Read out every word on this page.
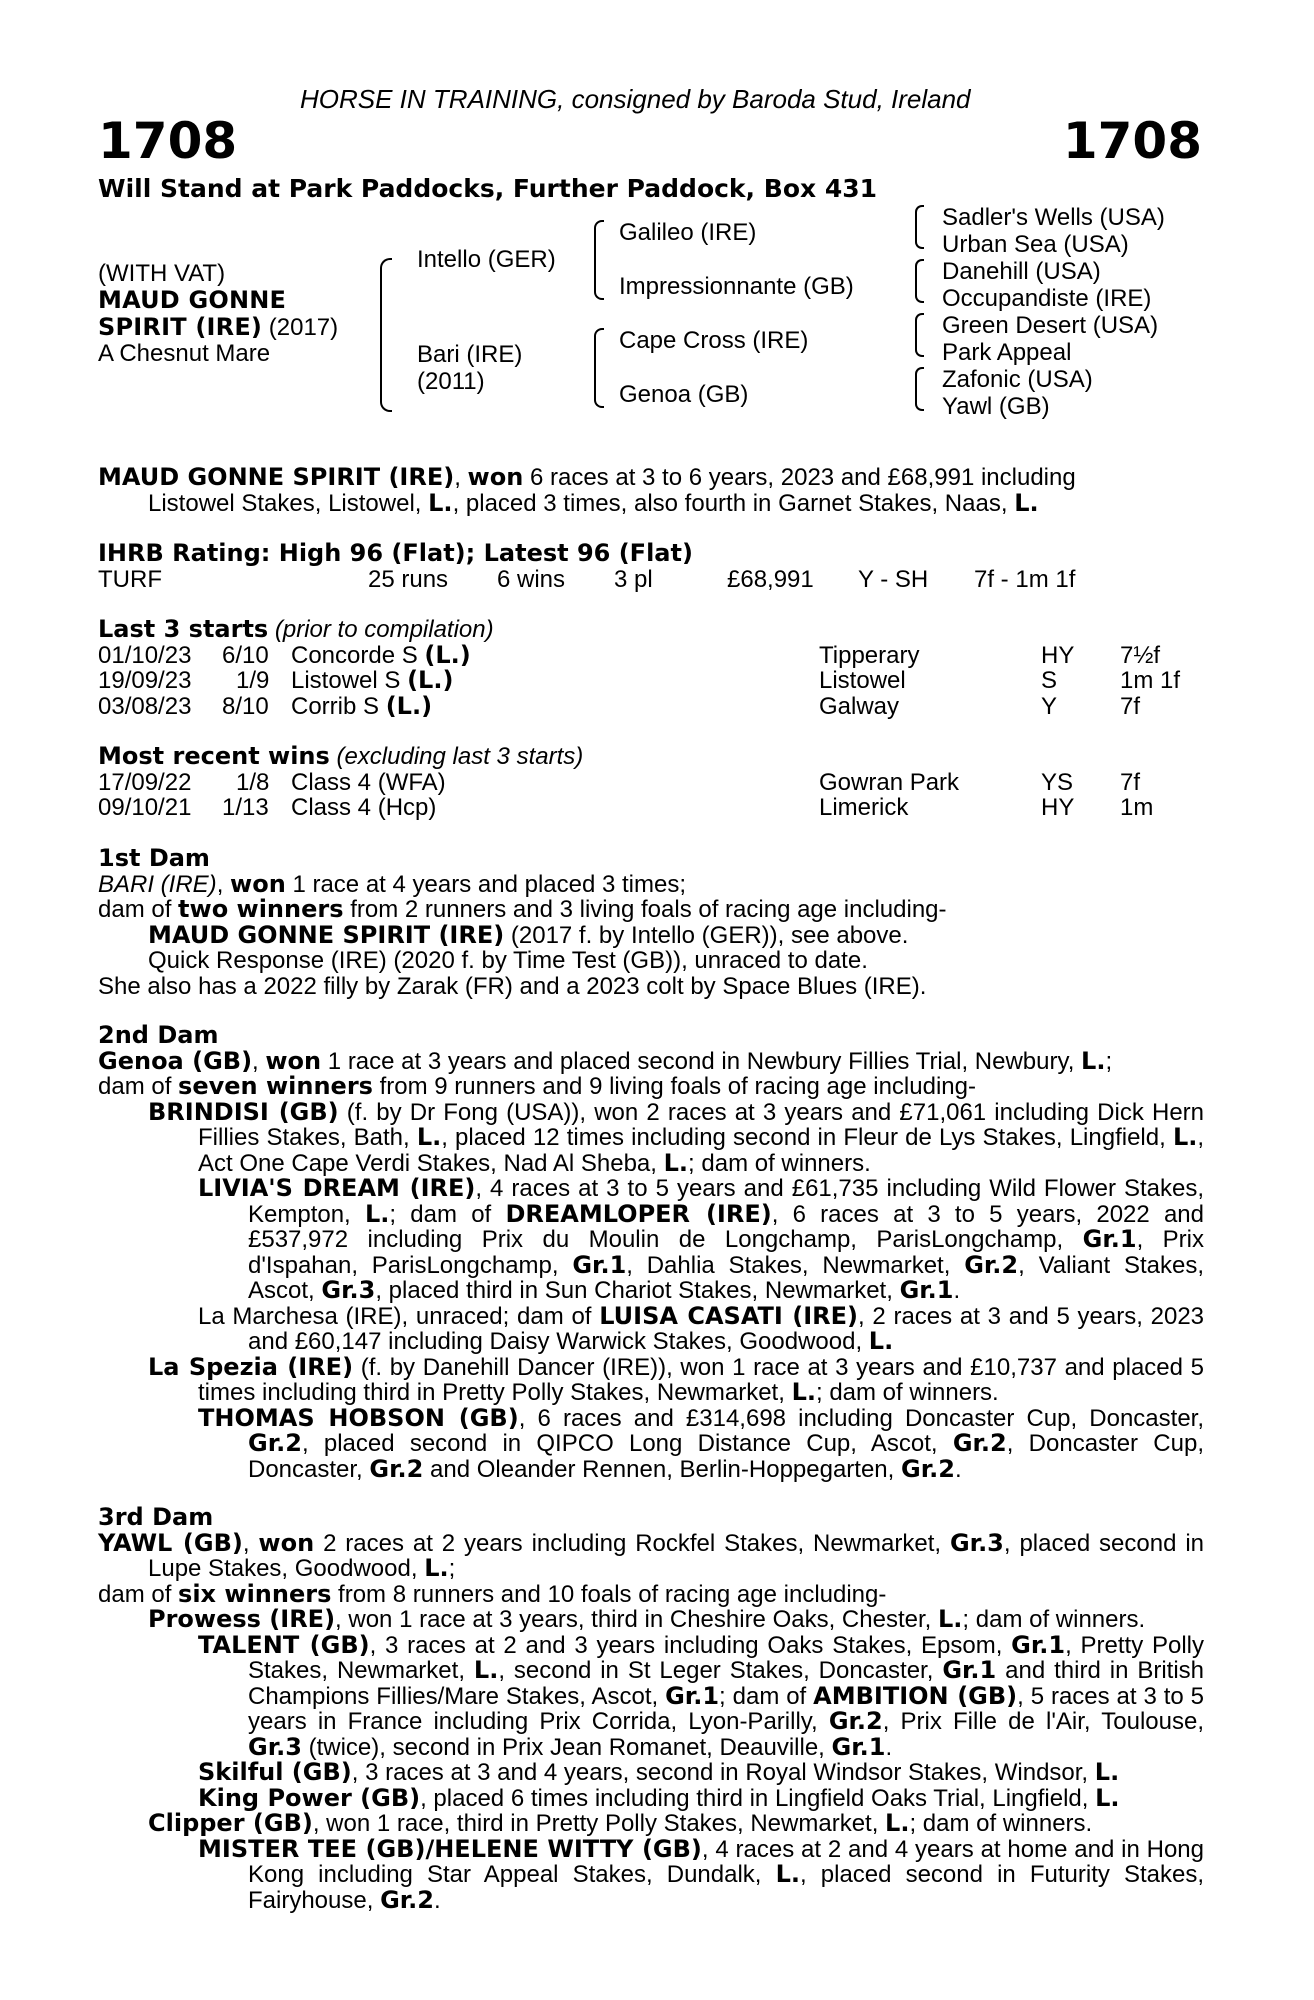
HORSE IN TRAINING, consigned by Baroda Stud, Ireland
1708	1708
Will Stand at Park Paddocks, Further Paddock, Box 431
(WITH VAT)
MAUD GONNE
SPIRIT (IRE) (2017)
A Chesnut Mare
Intello (GER)
Bari (IRE)
(2011)
Galileo (IRE)
Impressionnante (GB)
Cape Cross (IRE)
Genoa (GB)
Sadler's Wells (USA)
Urban Sea (USA)
Danehill (USA)
Occupandiste (IRE)
Green Desert (USA)
Park Appeal
Zafonic (USA)
Yawl (GB)

MAUD GONNE SPIRIT (IRE), won 6 races at 3 to 6 years, 2023 and £68,991 including

Listowel Stakes, Listowel, L., placed 3 times, also fourth in Garnet Stakes, Naas, L.

IHRB Rating: High 96 (Flat); Latest 96 (Flat)

TURF	25 runs 6 wins 3 pl	£68,991 Y - SH 7f - 1m 1f

Last 3 starts (prior to compilation)

01/10/23 6/10 Concorde S (L.)	Tipperary	HY 7½f
19/09/23 1/9 Listowel S (L.)	Listowel	S	1m 1f
03/08/23 8/10 Corrib S (L.)	Galway	Y	7f

Most recent wins (excluding last 3 starts)

17/09/22 1/8 Class 4 (WFA)	Gowran Park	YS 7f
09/10/21 1/13 Class 4 (Hcp)	Limerick	HY 1m

1st Dam

BARI (IRE), won 1 race at 4 years and placed 3 times;

dam of two winners from 2 runners and 3 living foals of racing age including-

MAUD GONNE SPIRIT (IRE) (2017 f. by Intello (GER)), see above.

Quick Response (IRE) (2020 f. by Time Test (GB)), unraced to date.

She also has a 2022 filly by Zarak (FR) and a 2023 colt by Space Blues (IRE).

2nd Dam

Genoa (GB), won 1 race at 3 years and placed second in Newbury Fillies Trial, Newbury, L.;

dam of seven winners from 9 runners and 9 living foals of racing age including-

BRINDISI (GB) (f. by Dr Fong (USA)), won 2 races at 3 years and £71,061 including Dick Hern Fillies Stakes, Bath, L., placed 12 times including second in Fleur de Lys Stakes, Lingfield, L., Act One Cape Verdi Stakes, Nad Al Sheba, L.; dam of winners.

LIVIA'S DREAM (IRE), 4 races at 3 to 5 years and £61,735 including Wild Flower Stakes, Kempton, L.; dam of DREAMLOPER (IRE), 6 races at 3 to 5 years, 2022 and £537,972 including Prix du Moulin de Longchamp, ParisLongchamp, Gr.1, Prix d'Ispahan, ParisLongchamp, Gr.1, Dahlia Stakes, Newmarket, Gr.2, Valiant Stakes, Ascot, Gr.3, placed third in Sun Chariot Stakes, Newmarket, Gr.1.

La Marchesa (IRE), unraced; dam of LUISA CASATI (IRE), 2 races at 3 and 5 years, 2023 and £60,147 including Daisy Warwick Stakes, Goodwood, L.

La Spezia (IRE) (f. by Danehill Dancer (IRE)), won 1 race at 3 years and £10,737 and placed 5 times including third in Pretty Polly Stakes, Newmarket, L.; dam of winners.

THOMAS HOBSON (GB), 6 races and £314,698 including Doncaster Cup, Doncaster, Gr.2, placed second in QIPCO Long Distance Cup, Ascot, Gr.2, Doncaster Cup, Doncaster, Gr.2 and Oleander Rennen, Berlin-Hoppegarten, Gr.2.

3rd Dam

YAWL (GB), won 2 races at 2 years including Rockfel Stakes, Newmarket, Gr.3, placed second in Lupe Stakes, Goodwood, L.;

dam of six winners from 8 runners and 10 foals of racing age including-

Prowess (IRE), won 1 race at 3 years, third in Cheshire Oaks, Chester, L.; dam of winners.

TALENT (GB), 3 races at 2 and 3 years including Oaks Stakes, Epsom, Gr.1, Pretty Polly Stakes, Newmarket, L., second in St Leger Stakes, Doncaster, Gr.1 and third in British Champions Fillies/Mare Stakes, Ascot, Gr.1; dam of AMBITION (GB), 5 races at 3 to 5 years in France including Prix Corrida, Lyon-Parilly, Gr.2, Prix Fille de l'Air, Toulouse, Gr.3 (twice), second in Prix Jean Romanet, Deauville, Gr.1.

Skilful (GB), 3 races at 3 and 4 years, second in Royal Windsor Stakes, Windsor, L.

King Power (GB), placed 6 times including third in Lingfield Oaks Trial, Lingfield, L.

Clipper (GB), won 1 race, third in Pretty Polly Stakes, Newmarket, L.; dam of winners.

MISTER TEE (GB)/HELENE WITTY (GB), 4 races at 2 and 4 years at home and in Hong Kong including Star Appeal Stakes, Dundalk, L., placed second in Futurity Stakes, Fairyhouse, Gr.2.
